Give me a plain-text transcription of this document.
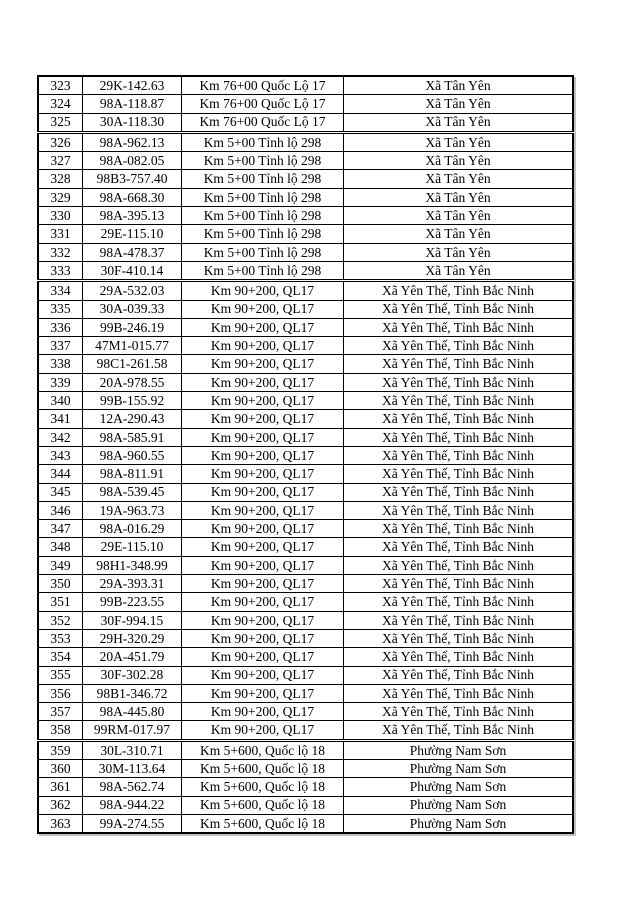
323	29K-142.63	Km 76+00 Quốc Lộ 17	Xã Tân Yên
324	98A-118.87	Km 76+00 Quốc Lộ 17	Xã Tân Yên
325	30A-118.30	Km 76+00 Quốc Lộ 17	Xã Tân Yên
326	98A-962.13	Km 5+00 Tỉnh lộ 298	Xã Tân Yên
327	98A-082.05	Km 5+00 Tỉnh lộ 298	Xã Tân Yên
328	98B3-757.40	Km 5+00 Tỉnh lộ 298	Xã Tân Yên
329	98A-668.30	Km 5+00 Tỉnh lộ 298	Xã Tân Yên
330	98A-395.13	Km 5+00 Tỉnh lộ 298	Xã Tân Yên
331	29E-115.10	Km 5+00 Tỉnh lộ 298	Xã Tân Yên
332	98A-478.37	Km 5+00 Tỉnh lộ 298	Xã Tân Yên
333	30F-410.14	Km 5+00 Tỉnh lộ 298	Xã Tân Yên
334	29A-532.03	Km 90+200, QL17	Xã Yên Thế, Tỉnh Bắc Ninh
335	30A-039.33	Km 90+200, QL17	Xã Yên Thế, Tỉnh Bắc Ninh
336	99B-246.19	Km 90+200, QL17	Xã Yên Thế, Tỉnh Bắc Ninh
337	47M1-015.77	Km 90+200, QL17	Xã Yên Thế, Tỉnh Bắc Ninh
338	98C1-261.58	Km 90+200, QL17	Xã Yên Thế, Tỉnh Bắc Ninh
339	20A-978.55	Km 90+200, QL17	Xã Yên Thế, Tỉnh Bắc Ninh
340	99B-155.92	Km 90+200, QL17	Xã Yên Thế, Tỉnh Bắc Ninh
341	12A-290.43	Km 90+200, QL17	Xã Yên Thế, Tỉnh Bắc Ninh
342	98A-585.91	Km 90+200, QL17	Xã Yên Thế, Tỉnh Bắc Ninh
343	98A-960.55	Km 90+200, QL17	Xã Yên Thế, Tỉnh Bắc Ninh
344	98A-811.91	Km 90+200, QL17	Xã Yên Thế, Tỉnh Bắc Ninh
345	98A-539.45	Km 90+200, QL17	Xã Yên Thế, Tỉnh Bắc Ninh
346	19A-963.73	Km 90+200, QL17	Xã Yên Thế, Tỉnh Bắc Ninh
347	98A-016.29	Km 90+200, QL17	Xã Yên Thế, Tỉnh Bắc Ninh
348	29E-115.10	Km 90+200, QL17	Xã Yên Thế, Tỉnh Bắc Ninh
349	98H1-348.99	Km 90+200, QL17	Xã Yên Thế, Tỉnh Bắc Ninh
350	29A-393.31	Km 90+200, QL17	Xã Yên Thế, Tỉnh Bắc Ninh
351	99B-223.55	Km 90+200, QL17	Xã Yên Thế, Tỉnh Bắc Ninh
352	30F-994.15	Km 90+200, QL17	Xã Yên Thế, Tỉnh Bắc Ninh
353	29H-320.29	Km 90+200, QL17	Xã Yên Thế, Tỉnh Bắc Ninh
354	20A-451.79	Km 90+200, QL17	Xã Yên Thế, Tỉnh Bắc Ninh
355	30F-302.28	Km 90+200, QL17	Xã Yên Thế, Tỉnh Bắc Ninh
356	98B1-346.72	Km 90+200, QL17	Xã Yên Thế, Tỉnh Bắc Ninh
357	98A-445.80	Km 90+200, QL17	Xã Yên Thế, Tỉnh Bắc Ninh
358	99RM-017.97	Km 90+200, QL17	Xã Yên Thế, Tỉnh Bắc Ninh
359	30L-310.71	Km 5+600, Quốc lộ 18	Phường Nam Sơn
360	30M-113.64	Km 5+600, Quốc lộ 18	Phường Nam Sơn
361	98A-562.74	Km 5+600, Quốc lộ 18	Phường Nam Sơn
362	98A-944.22	Km 5+600, Quốc lộ 18	Phường Nam Sơn
363	99A-274.55	Km 5+600, Quốc lộ 18	Phường Nam Sơn
